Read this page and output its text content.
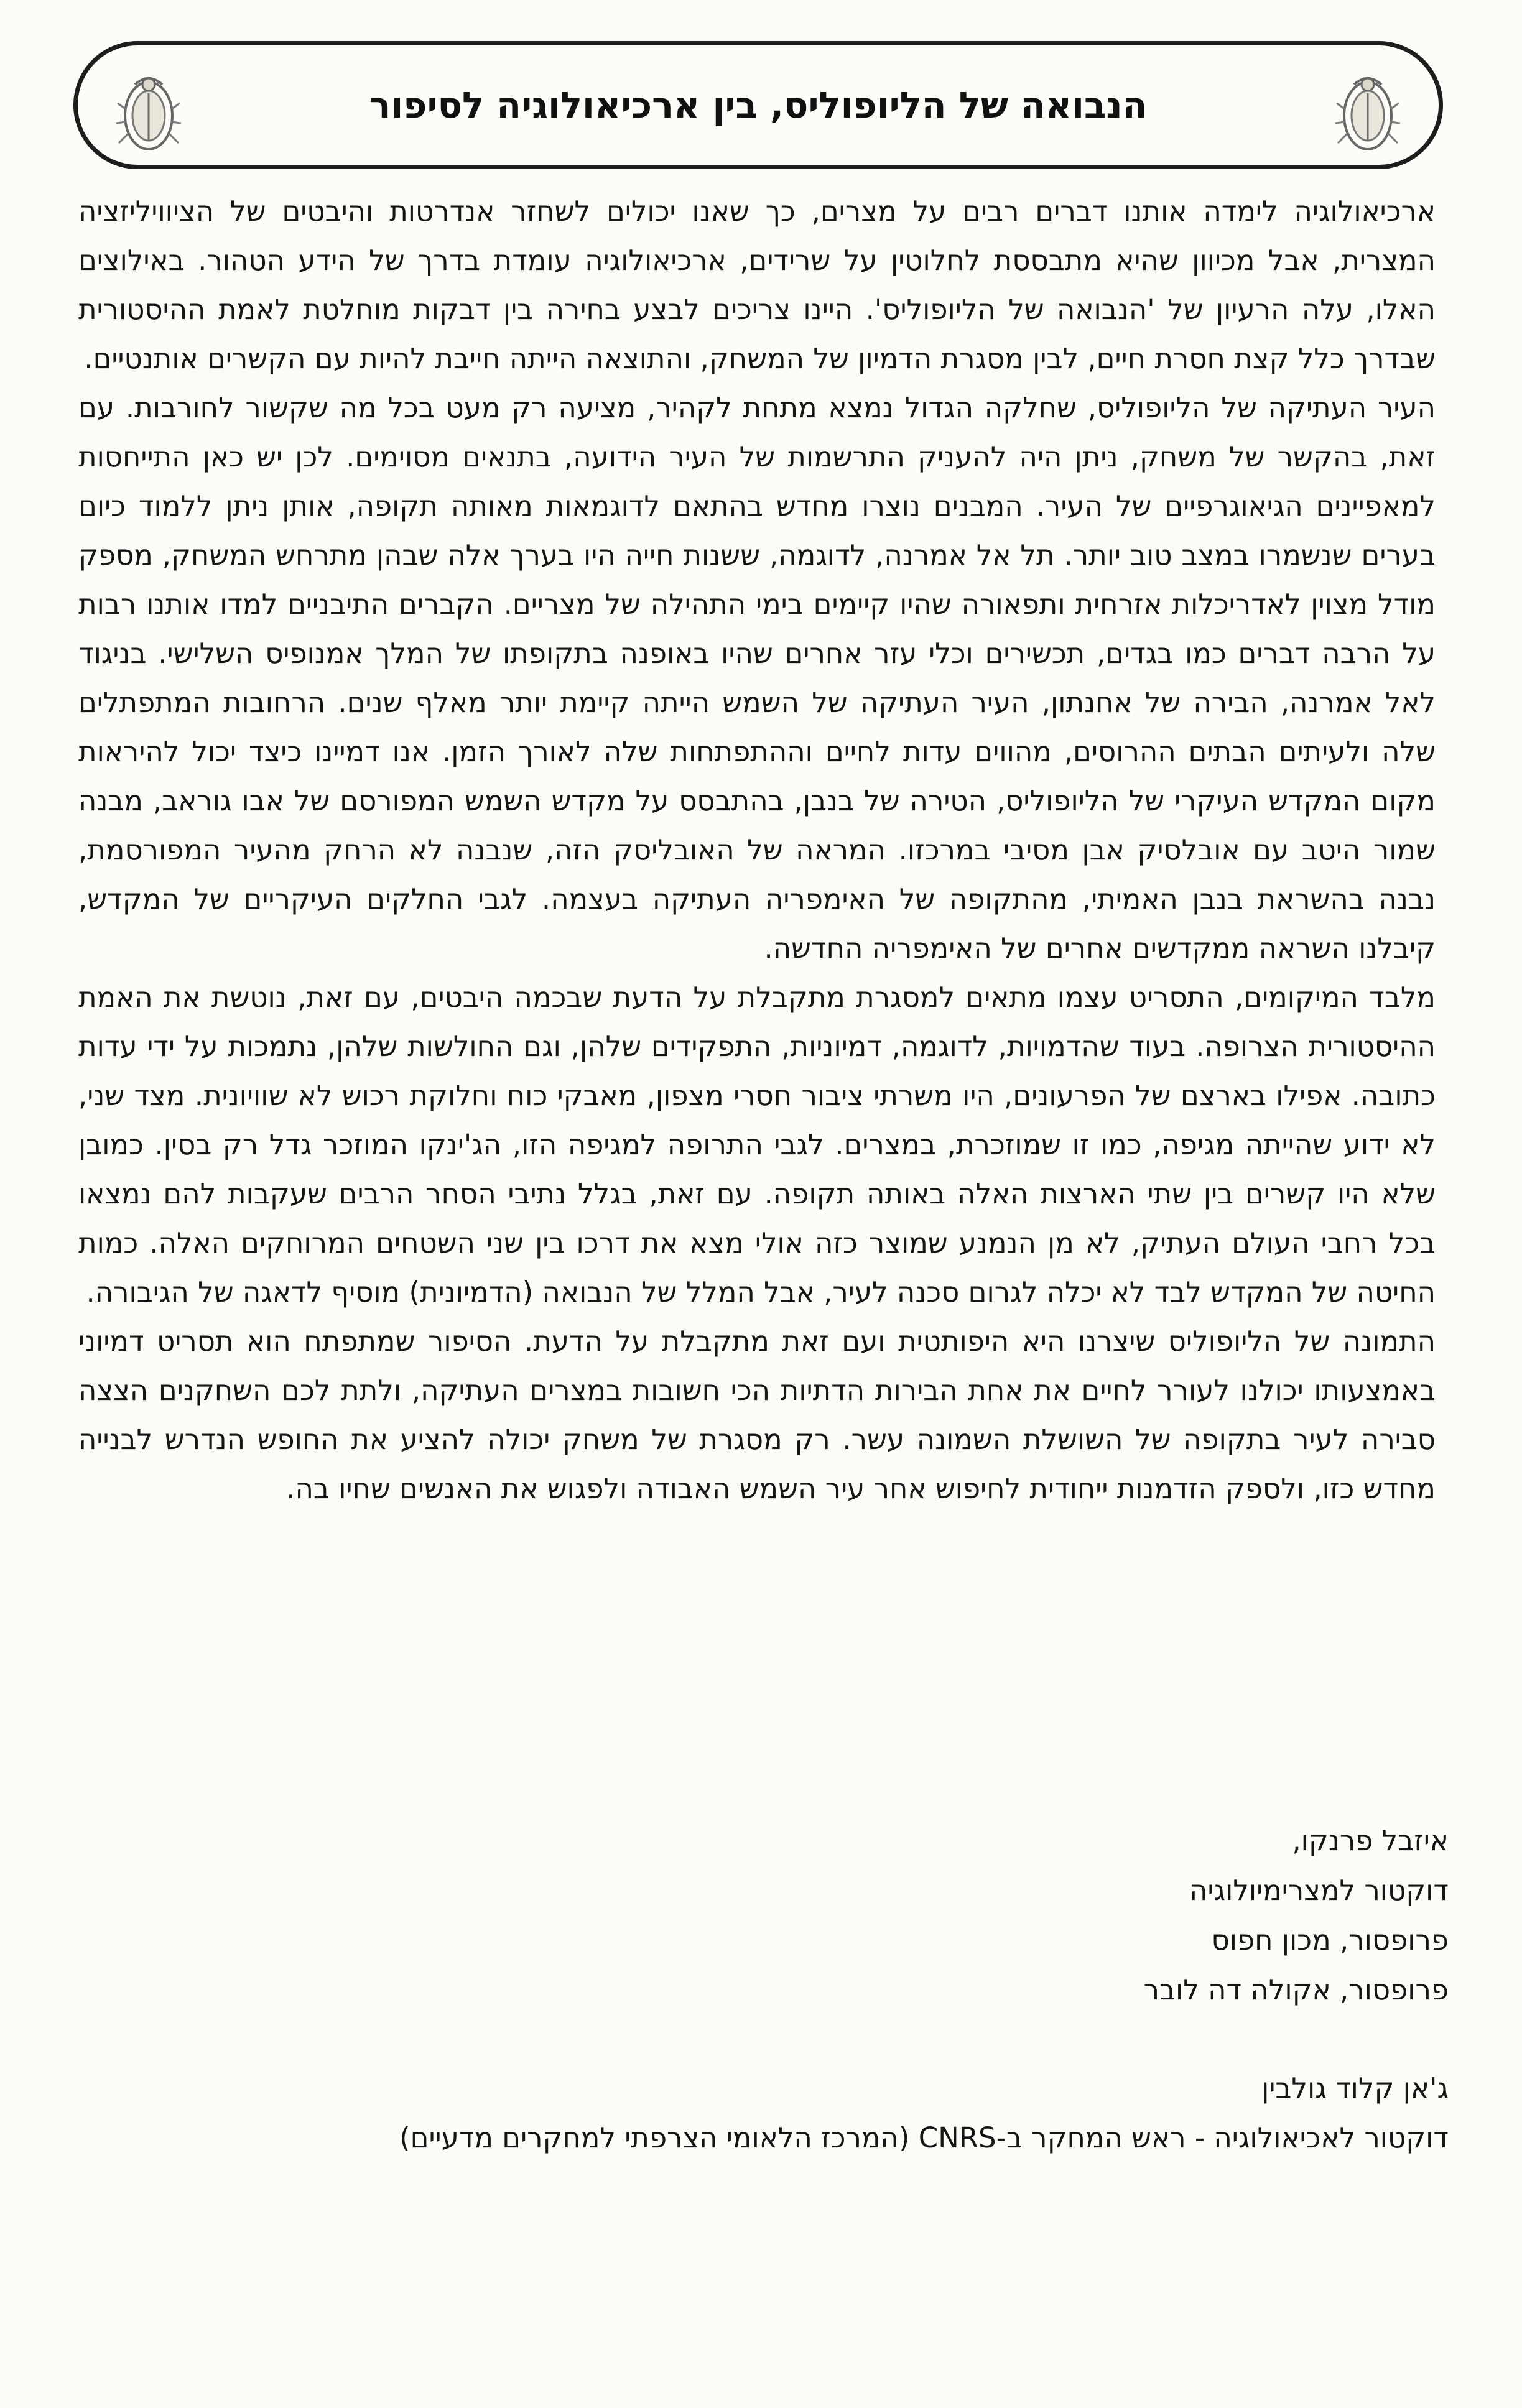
הנבואה של הליופוליס, בין ארכיאולוגיה לסיפור

ארכיאולוגיה לימדה אותנו דברים רבים על מצרים, כך שאנו יכולים לשחזר אנדרטות והיבטים של הציוויליזציה המצרית, אבל מכיוון שהיא מתבססת לחלוטין על שרידים, ארכיאולוגיה עומדת בדרך של הידע הטהור. באילוצים האלו, עלה הרעיון של 'הנבואה של הליופוליס'. היינו צריכים לבצע בחירה בין דבקות מוחלטת לאמת ההיסטורית שבדרך כלל קצת חסרת חיים, לבין מסגרת הדמיון של המשחק, והתוצאה הייתה חייבת להיות עם הקשרים אותנטיים.

העיר העתיקה של הליופוליס, שחלקה הגדול נמצא מתחת לקהיר, מציעה רק מעט בכל מה שקשור לחורבות. עם זאת, בהקשר של משחק, ניתן היה להעניק התרשמות של העיר הידועה, בתנאים מסוימים. לכן יש כאן התייחסות למאפיינים הגיאוגרפיים של העיר. המבנים נוצרו מחדש בהתאם לדוגמאות מאותה תקופה, אותן ניתן ללמוד כיום בערים שנשמרו במצב טוב יותר. תל אל אמרנה, לדוגמה, ששנות חייה היו בערך אלה שבהן מתרחש המשחק, מספק מודל מצוין לאדריכלות אזרחית ותפאורה שהיו קיימים בימי התהילה של מצריים. הקברים התיבניים למדו אותנו רבות על הרבה דברים כמו בגדים, תכשירים וכלי עזר אחרים שהיו באופנה בתקופתו של המלך אמנופיס השלישי. בניגוד לאל אמרנה, הבירה של אחנתון, העיר העתיקה של השמש הייתה קיימת יותר מאלף שנים. הרחובות המתפתלים שלה ולעיתים הבתים ההרוסים, מהווים עדות לחיים וההתפתחות שלה לאורך הזמן. אנו דמיינו כיצד יכול להיראות מקום המקדש העיקרי של הליופוליס, הטירה של בנבן, בהתבסס על מקדש השמש המפורסם של אבו גוראב, מבנה שמור היטב עם אובלסיק אבן מסיבי במרכזו. המראה של האובליסק הזה, שנבנה לא הרחק מהעיר המפורסמת, נבנה בהשראת בנבן האמיתי, מהתקופה של האימפריה העתיקה בעצמה. לגבי החלקים העיקריים של המקדש, קיבלנו השראה ממקדשים אחרים של האימפריה החדשה.

מלבד המיקומים, התסריט עצמו מתאים למסגרת מתקבלת על הדעת שבכמה היבטים, עם זאת, נוטשת את האמת ההיסטורית הצרופה. בעוד שהדמויות, לדוגמה, דמיוניות, התפקידים שלהן, וגם החולשות שלהן, נתמכות על ידי עדות כתובה. אפילו בארצם של הפרעונים, היו משרתי ציבור חסרי מצפון, מאבקי כוח וחלוקת רכוש לא שוויונית. מצד שני, לא ידוע שהייתה מגיפה, כמו זו שמוזכרת, במצרים. לגבי התרופה למגיפה הזו, הג'ינקו המוזכר גדל רק בסין. כמובן שלא היו קשרים בין שתי הארצות האלה באותה תקופה. עם זאת, בגלל נתיבי הסחר הרבים שעקבות להם נמצאו בכל רחבי העולם העתיק, לא מן הנמנע שמוצר כזה אולי מצא את דרכו בין שני השטחים המרוחקים האלה. כמות החיטה של המקדש לבד לא יכלה לגרום סכנה לעיר, אבל המלל של הנבואה (הדמיונית) מוסיף לדאגה של הגיבורה.

התמונה של הליופוליס שיצרנו היא היפותטית ועם זאת מתקבלת על הדעת. הסיפור שמתפתח הוא תסריט דמיוני באמצעותו יכולנו לעורר לחיים את אחת הבירות הדתיות הכי חשובות במצרים העתיקה, ולתת לכם השחקנים הצצה סבירה לעיר בתקופה של השושלת השמונה עשר. רק מסגרת של משחק יכולה להציע את החופש הנדרש לבנייה מחדש כזו, ולספק הזדמנות ייחודית לחיפוש אחר עיר השמש האבודה ולפגוש את האנשים שחיו בה.

איזבל פרנקו,
דוקטור למצרימיולוגיה
פרופסור, מכון חפוס
פרופסור, אקולה דה לובר
ג'אן קלוד גולבין
דוקטור לאכיאולוגיה - ראש המחקר ב-CNRS (המרכז הלאומי הצרפתי למחקרים מדעיים)
